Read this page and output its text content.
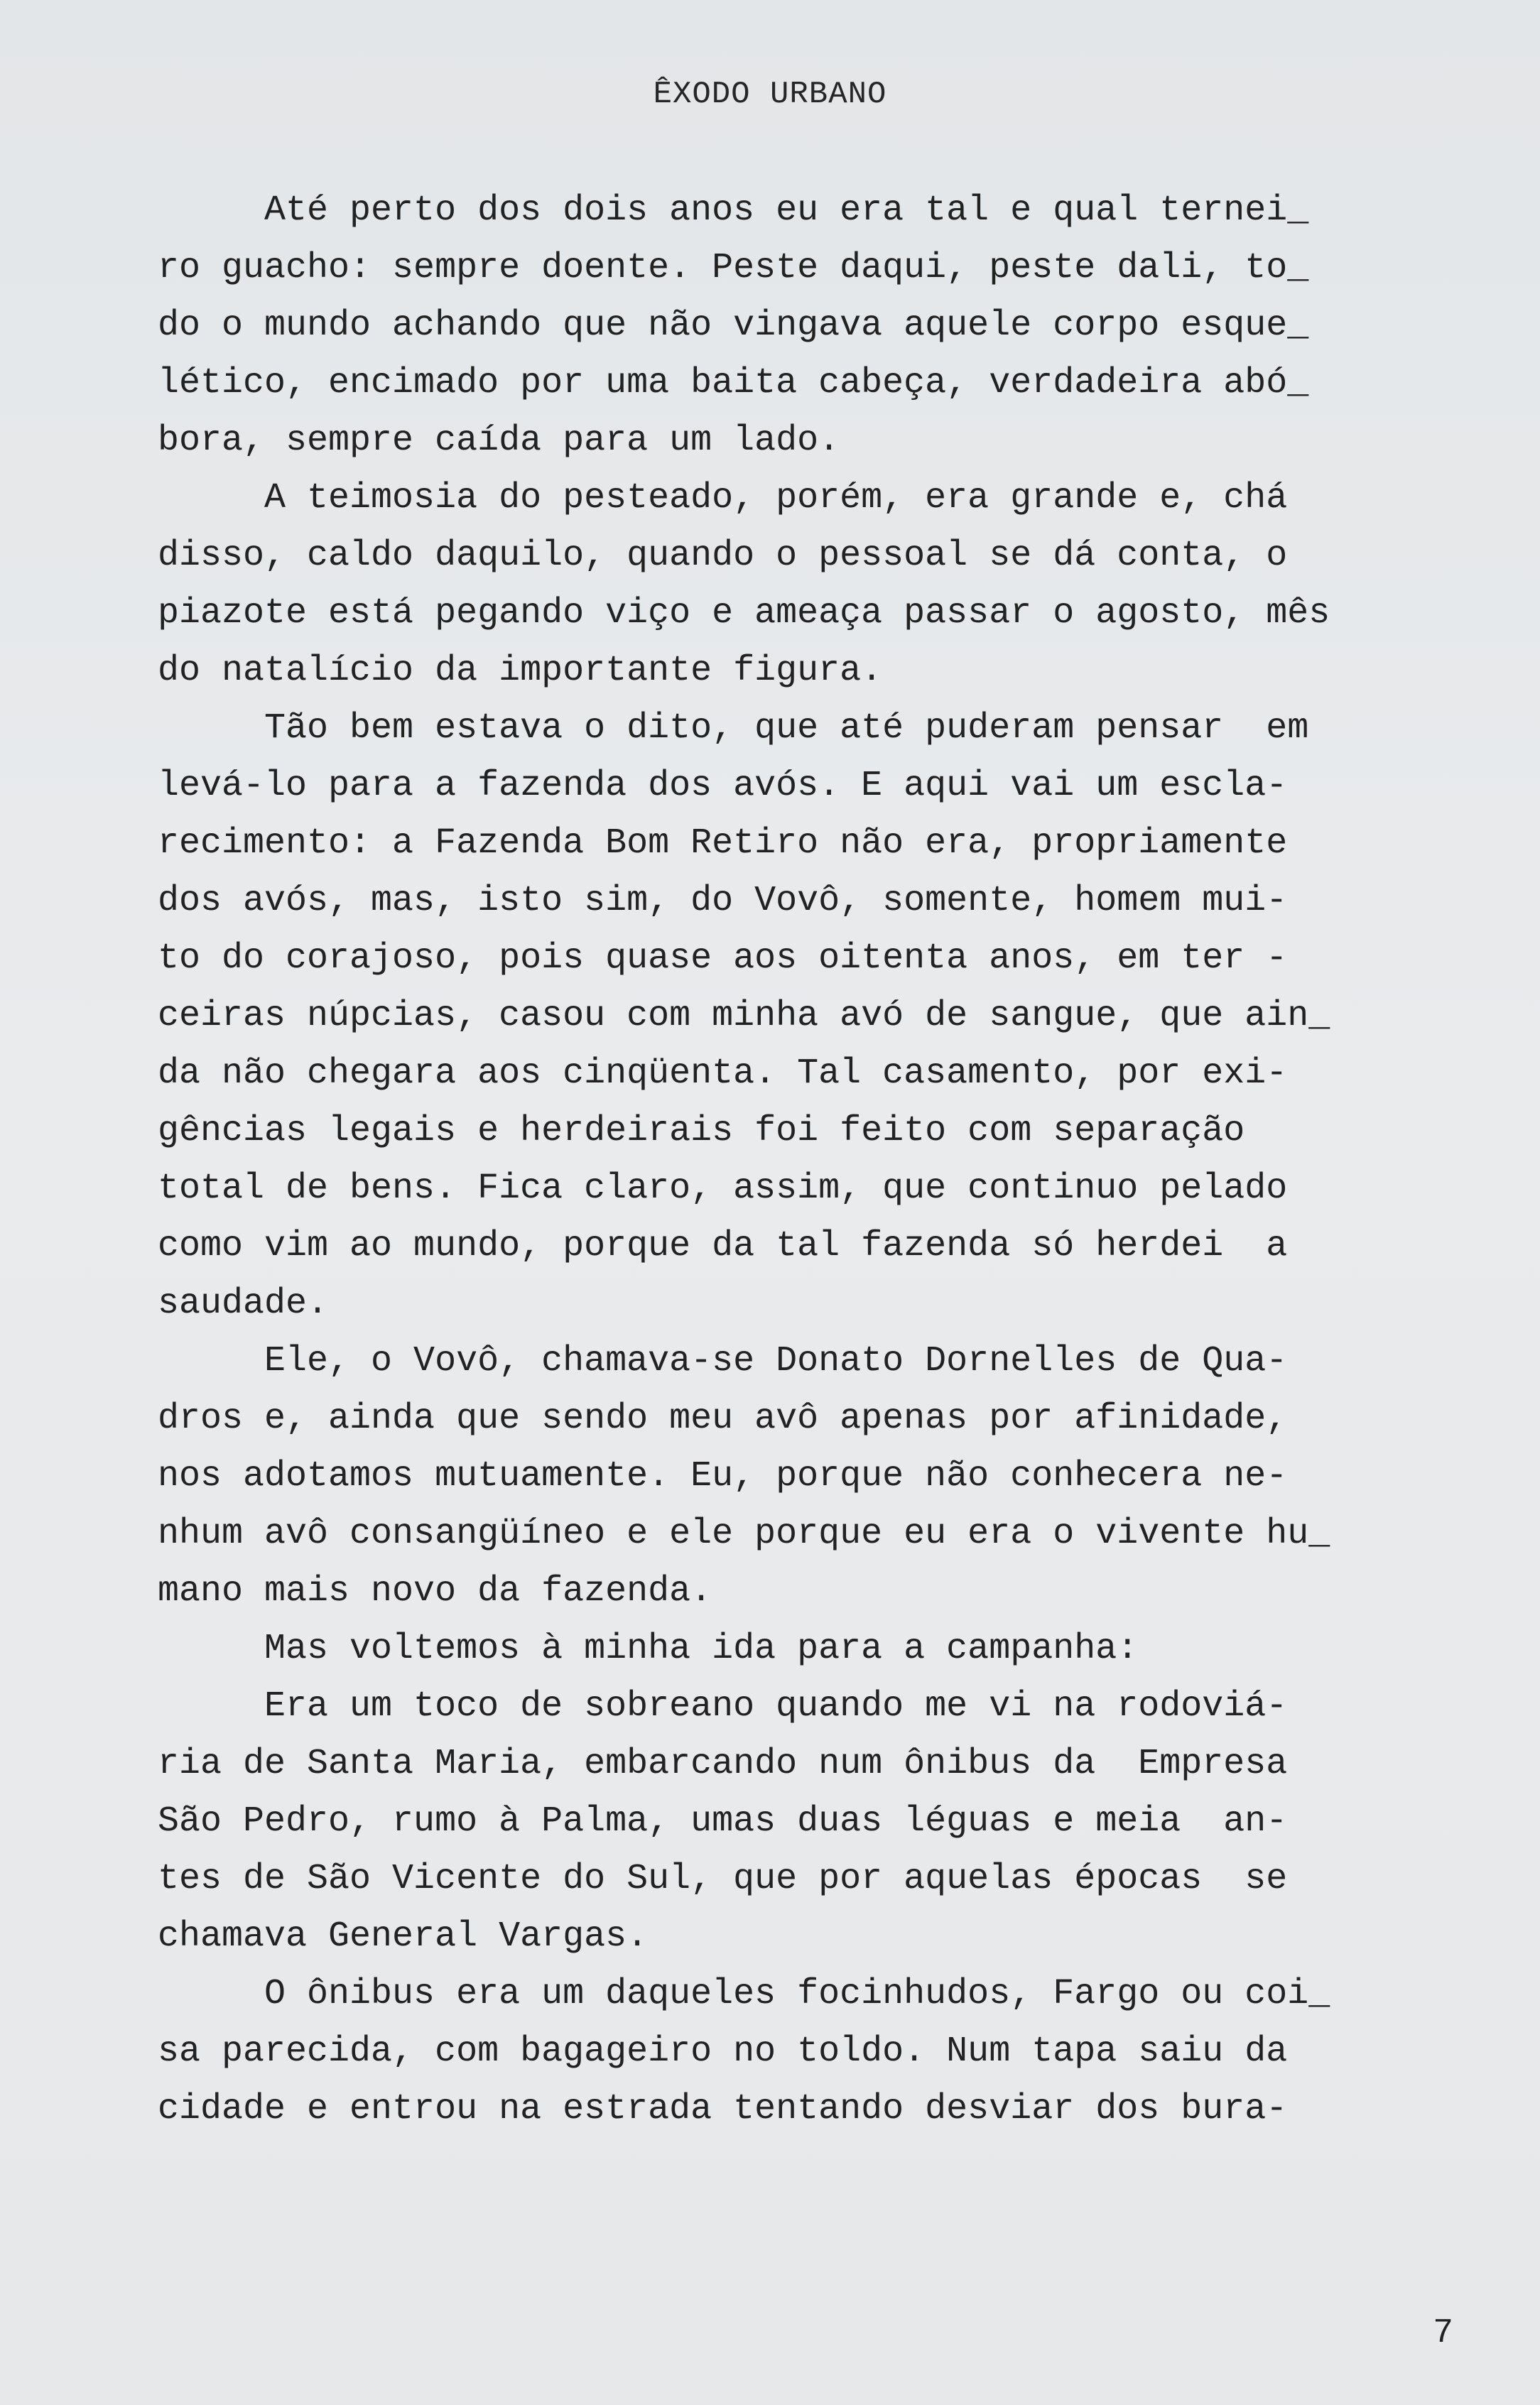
ÊXODO URBANO
Até perto dos dois anos eu era tal e qual ternei_
ro guacho: sempre doente. Peste daqui, peste dali, to_
do o mundo achando que não vingava aquele corpo esque_
lético, encimado por uma baita cabeça, verdadeira abó_
bora, sempre caída para um lado.
A teimosia do pesteado, porém, era grande e, chá
disso, caldo daquilo, quando o pessoal se dá conta, o
piazote está pegando viço e ameaça passar o agosto, mês
do natalício da importante figura.
Tão bem estava o dito, que até puderam pensar  em
levá-lo para a fazenda dos avós. E aqui vai um escla-
recimento: a Fazenda Bom Retiro não era, propriamente
dos avós, mas, isto sim, do Vovô, somente, homem mui-
to do corajoso, pois quase aos oitenta anos, em ter -
ceiras núpcias, casou com minha avó de sangue, que ain_
da não chegara aos cinqüenta. Tal casamento, por exi-
gências legais e herdeirais foi feito com separação
total de bens. Fica claro, assim, que continuo pelado
como vim ao mundo, porque da tal fazenda só herdei  a
saudade.
Ele, o Vovô, chamava-se Donato Dornelles de Qua-
dros e, ainda que sendo meu avô apenas por afinidade,
nos adotamos mutuamente. Eu, porque não conhecera ne-
nhum avô consangüíneo e ele porque eu era o vivente hu_
mano mais novo da fazenda.
Mas voltemos à minha ida para a campanha:
Era um toco de sobreano quando me vi na rodoviá-
ria de Santa Maria, embarcando num ônibus da  Empresa
São Pedro, rumo à Palma, umas duas léguas e meia  an-
tes de São Vicente do Sul, que por aquelas épocas  se
chamava General Vargas.
O ônibus era um daqueles focinhudos, Fargo ou coi_
sa parecida, com bagageiro no toldo. Num tapa saiu da
cidade e entrou na estrada tentando desviar dos bura-
7
